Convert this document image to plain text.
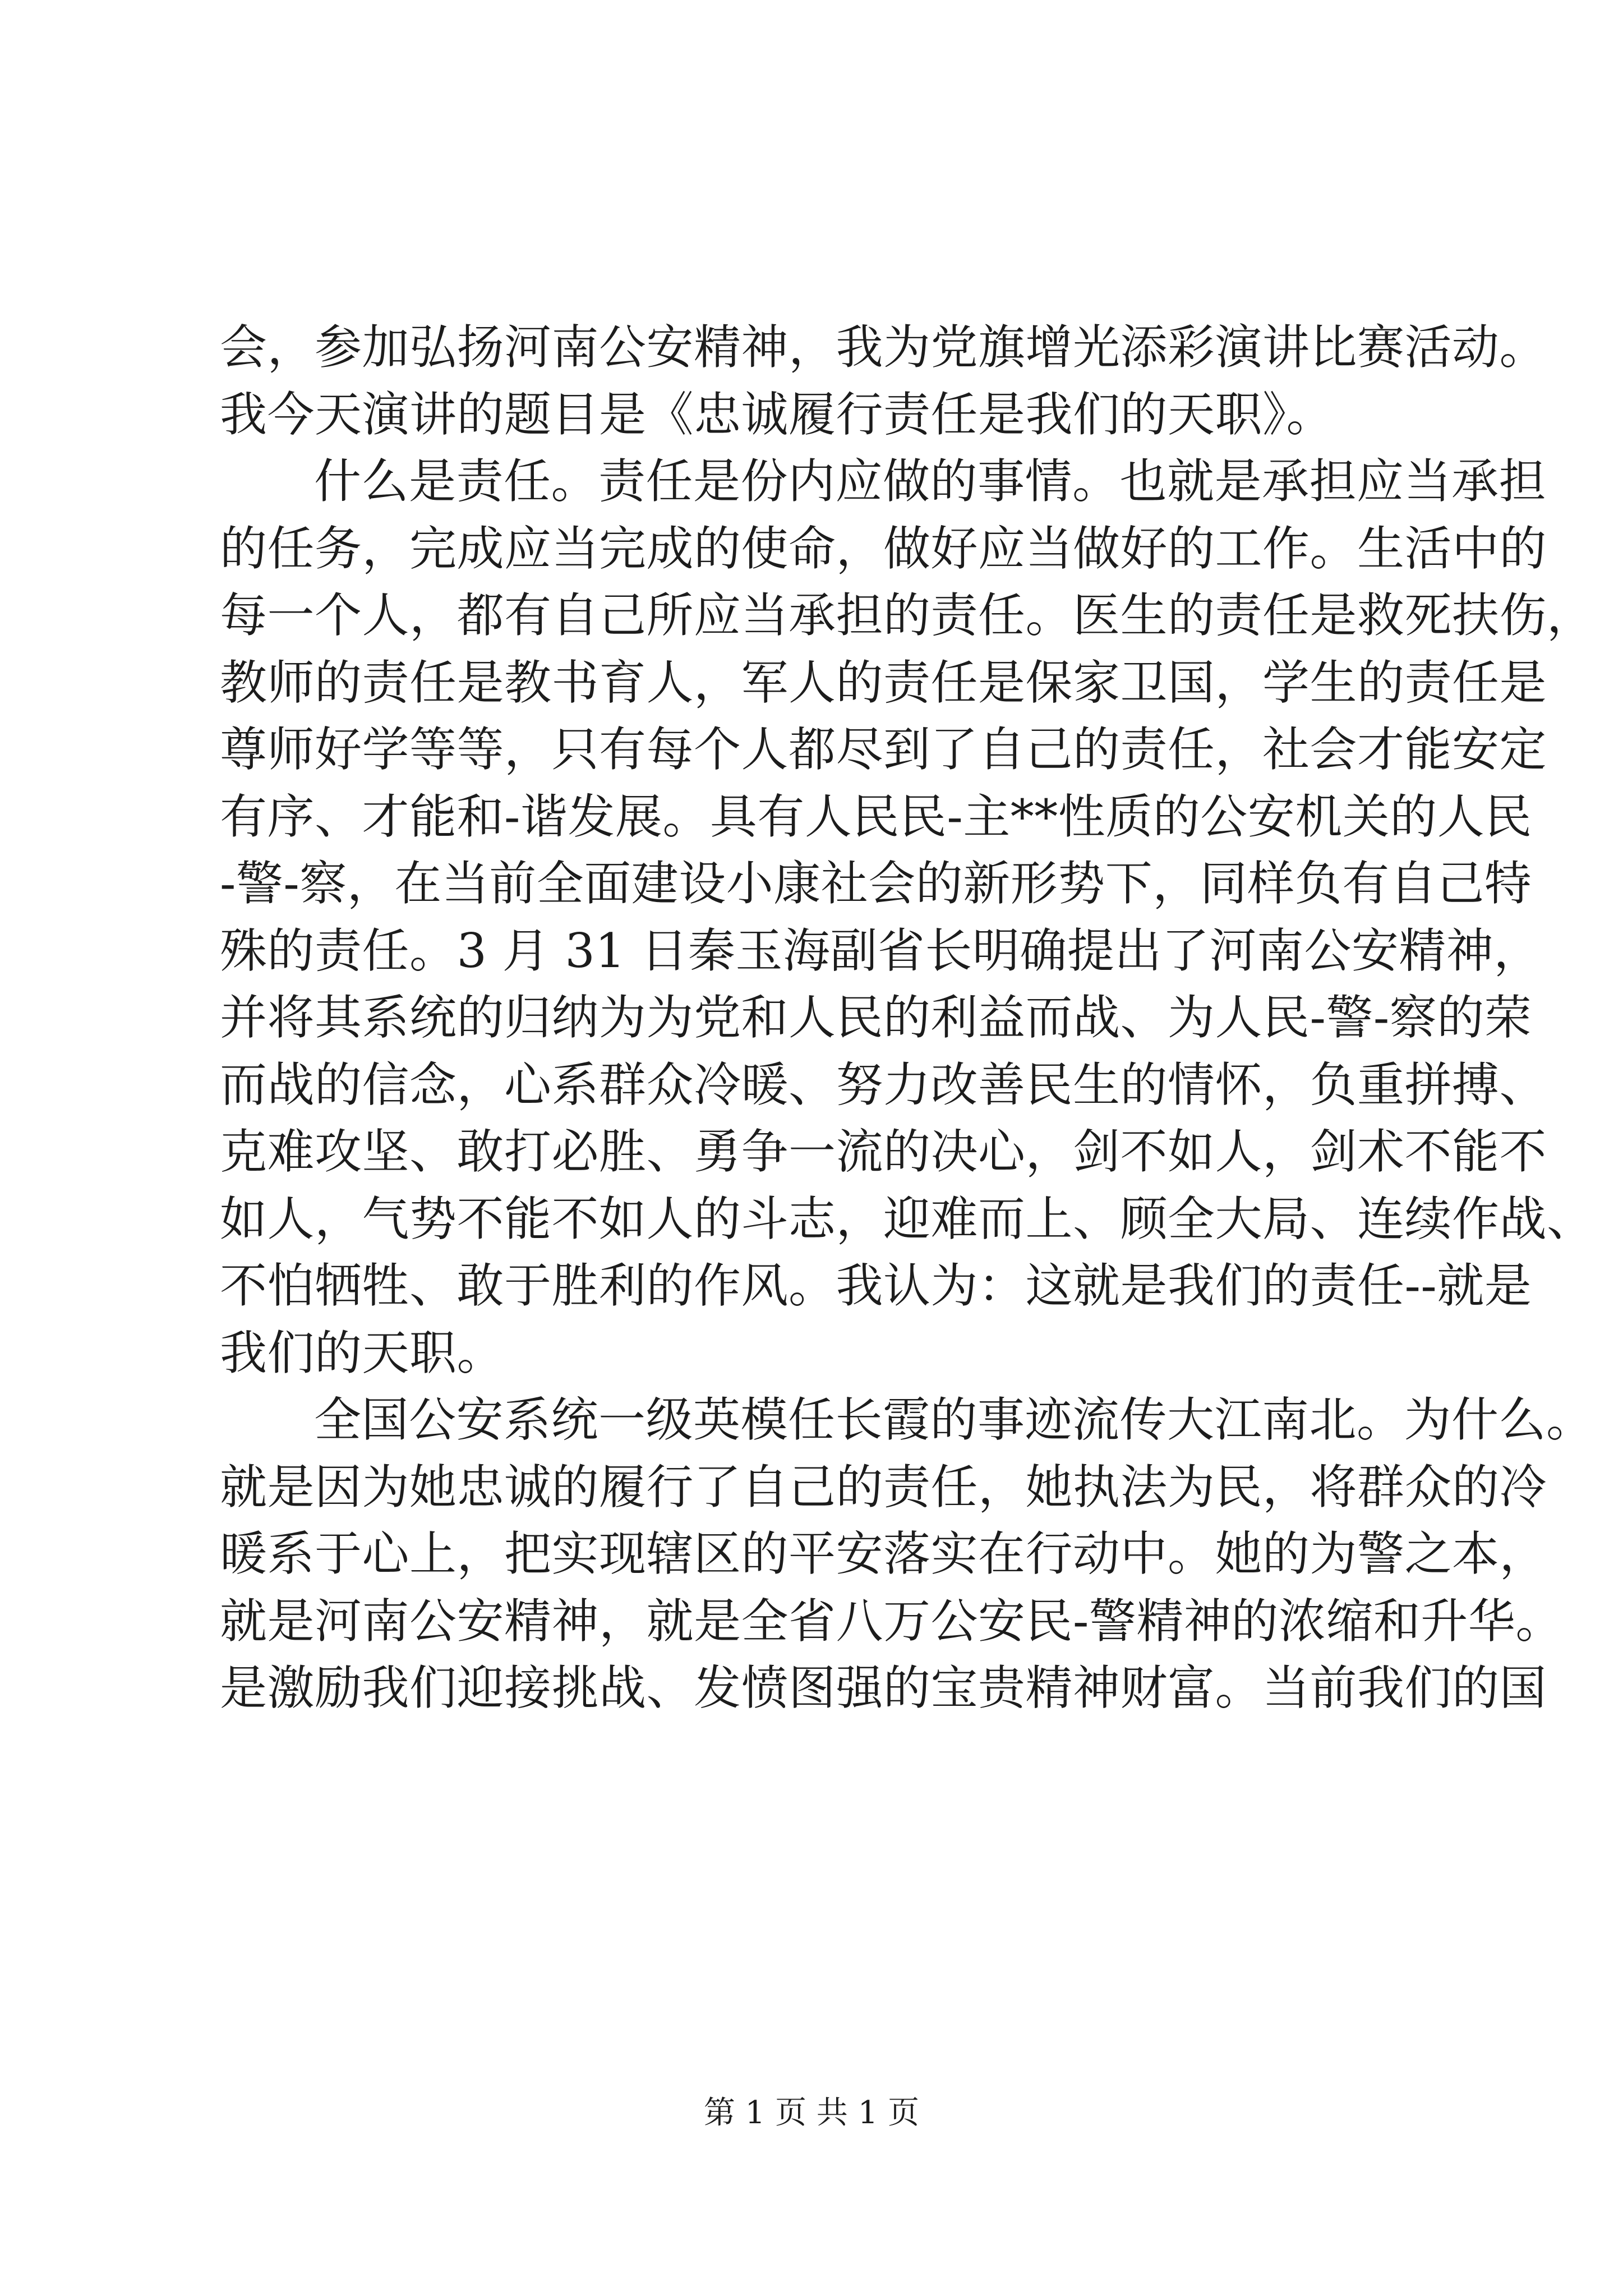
会，参加弘扬河南公安精神，我为党旗增光添彩演讲比赛活动。
我今天演讲的题目是《忠诚履行责任是我们的天职》。
什么是责任。责任是份内应做的事情。也就是承担应当承担
的任务，完成应当完成的使命，做好应当做好的工作。生活中的
每一个人，都有自己所应当承担的责任。医生的责任是救死扶伤，
教师的责任是教书育人，军人的责任是保家卫国，学生的责任是
尊师好学等等，只有每个人都尽到了自己的责任，社会才能安定
有序、才能和-谐发展。具有人民民-主**性质的公安机关的人民
-警-察，在当前全面建设小康社会的新形势下，同样负有自己特
殊的责任。3 月 31 日秦玉海副省长明确提出了河南公安精神，
并将其系统的归纳为为党和人民的利益而战、为人民-警-察的荣
而战的信念，心系群众冷暖、努力改善民生的情怀，负重拼搏、
克难攻坚、敢打必胜、勇争一流的决心，剑不如人，剑术不能不
如人，气势不能不如人的斗志，迎难而上、顾全大局、连续作战、
不怕牺牲、敢于胜利的作风。我认为：这就是我们的责任--就是
我们的天职。
全国公安系统一级英模任长霞的事迹流传大江南北。为什么。
就是因为她忠诚的履行了自己的责任，她执法为民，将群众的冷
暖系于心上，把实现辖区的平安落实在行动中。她的为警之本，
就是河南公安精神，就是全省八万公安民-警精神的浓缩和升华。
是激励我们迎接挑战、发愤图强的宝贵精神财富。当前我们的国
第 1 页 共 1 页
